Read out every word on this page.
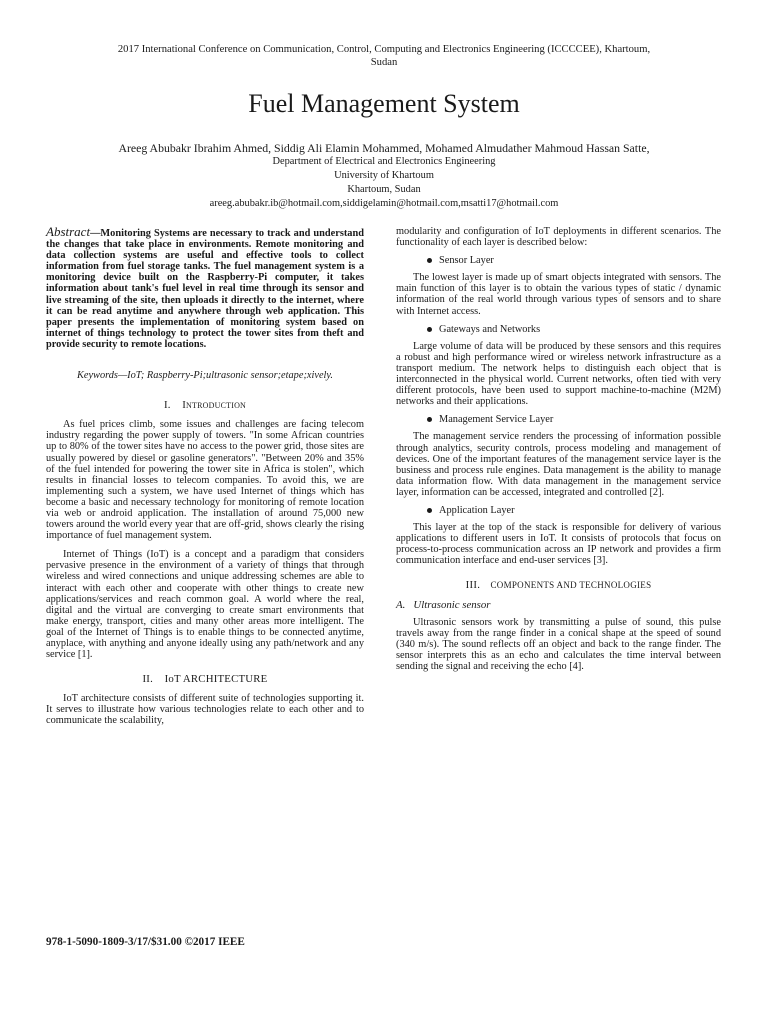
2017 International Conference on Communication, Control, Computing and Electronics Engineering (ICCCCEE), Khartoum,
Sudan
Fuel Management System
Areeg Abubakr Ibrahim Ahmed, Siddig Ali Elamin Mohammed, Mohamed Almudather Mahmoud Hassan Satte,
Department of Electrical and Electronics Engineering
University of Khartoum
Khartoum, Sudan
areeg.abubakr.ib@hotmail.com,siddigelamin@hotmail.com,msatti17@hotmail.com

Abstract—Monitoring Systems are necessary to track and understand the changes that take place in environments. Remote monitoring and data collection systems are useful and effective tools to collect information from fuel storage tanks. The fuel management system is a monitoring device built on the Raspberry-Pi computer, it takes information about tank's fuel level in real time through its sensor and live streaming of the site, then uploads it directly to the internet, where it can be read anytime and anywhere through web application. This paper presents the implementation of monitoring system based on internet of things technology to protect the tower sites from theft and provide security to remote locations.

Keywords—IoT; Raspberry-Pi;ultrasonic sensor;etape;xively.

I. Introduction

As fuel prices climb, some issues and challenges are facing telecom industry regarding the power supply of towers. "In some African countries up to 80% of the tower sites have no access to the power grid, those sites are usually powered by diesel or gasoline generators". "Between 20% and 35% of the fuel intended for powering the tower site in Africa is stolen", which results in financial losses to telecom companies. To avoid this, we are implementing such a system, we have used Internet of things which has become a basic and necessary technology for monitoring of remote location via web or android application. The installation of around 75,000 new towers around the world every year that are off-grid, shows clearly the rising importance of fuel management system.

Internet of Things (IoT) is a concept and a paradigm that considers pervasive presence in the environment of a variety of things that through wireless and wired connections and unique addressing schemes are able to interact with each other and cooperate with other things to create new applications/services and reach common goal. A world where the real, digital and the virtual are converging to create smart environments that make energy, transport, cities and many other areas more intelligent. The goal of the Internet of Things is to enable things to be connected anytime, anyplace, with anything and anyone ideally using any path/network and any service [1].

II. IoT ARCHITECTURE

IoT architecture consists of different suite of technologies supporting it. It serves to illustrate how various technologies relate to each other and to communicate the scalability,

modularity and configuration of IoT deployments in different scenarios. The functionality of each layer is described below:

Sensor Layer

The lowest layer is made up of smart objects integrated with sensors. The main function of this layer is to obtain the various types of static / dynamic information of the real world through various types of sensors and to share with Internet access.

Gateways and Networks

Large volume of data will be produced by these sensors and this requires a robust and high performance wired or wireless network infrastructure as a transport medium. The network helps to distinguish each object that is interconnected in the physical world. Current networks, often tied with very different protocols, have been used to support machine-to-machine (M2M) networks and their applications.

Management Service Layer

The management service renders the processing of information possible through analytics, security controls, process modeling and management of devices. One of the important features of the management service layer is the business and process rule engines. Data management is the ability to manage data information flow. With data management in the management service layer, information can be accessed, integrated and controlled [2].

Application Layer

This layer at the top of the stack is responsible for delivery of various applications to different users in IoT. It consists of protocols that focus on process-to-process communication across an IP network and provides a firm communication interface and end-user services [3].

III. COMPONENTS AND TECHNOLOGIES

A.   Ultrasonic sensor

Ultrasonic sensors work by transmitting a pulse of sound, this pulse travels away from the range finder in a conical shape at the speed of sound (340 m/s). The sound reflects off an object and back to the range finder. The sensor interprets this as an echo and calculates the time interval between sending the signal and receiving the echo [4].

978-1-5090-1809-3/17/$31.00 ©2017 IEEE
